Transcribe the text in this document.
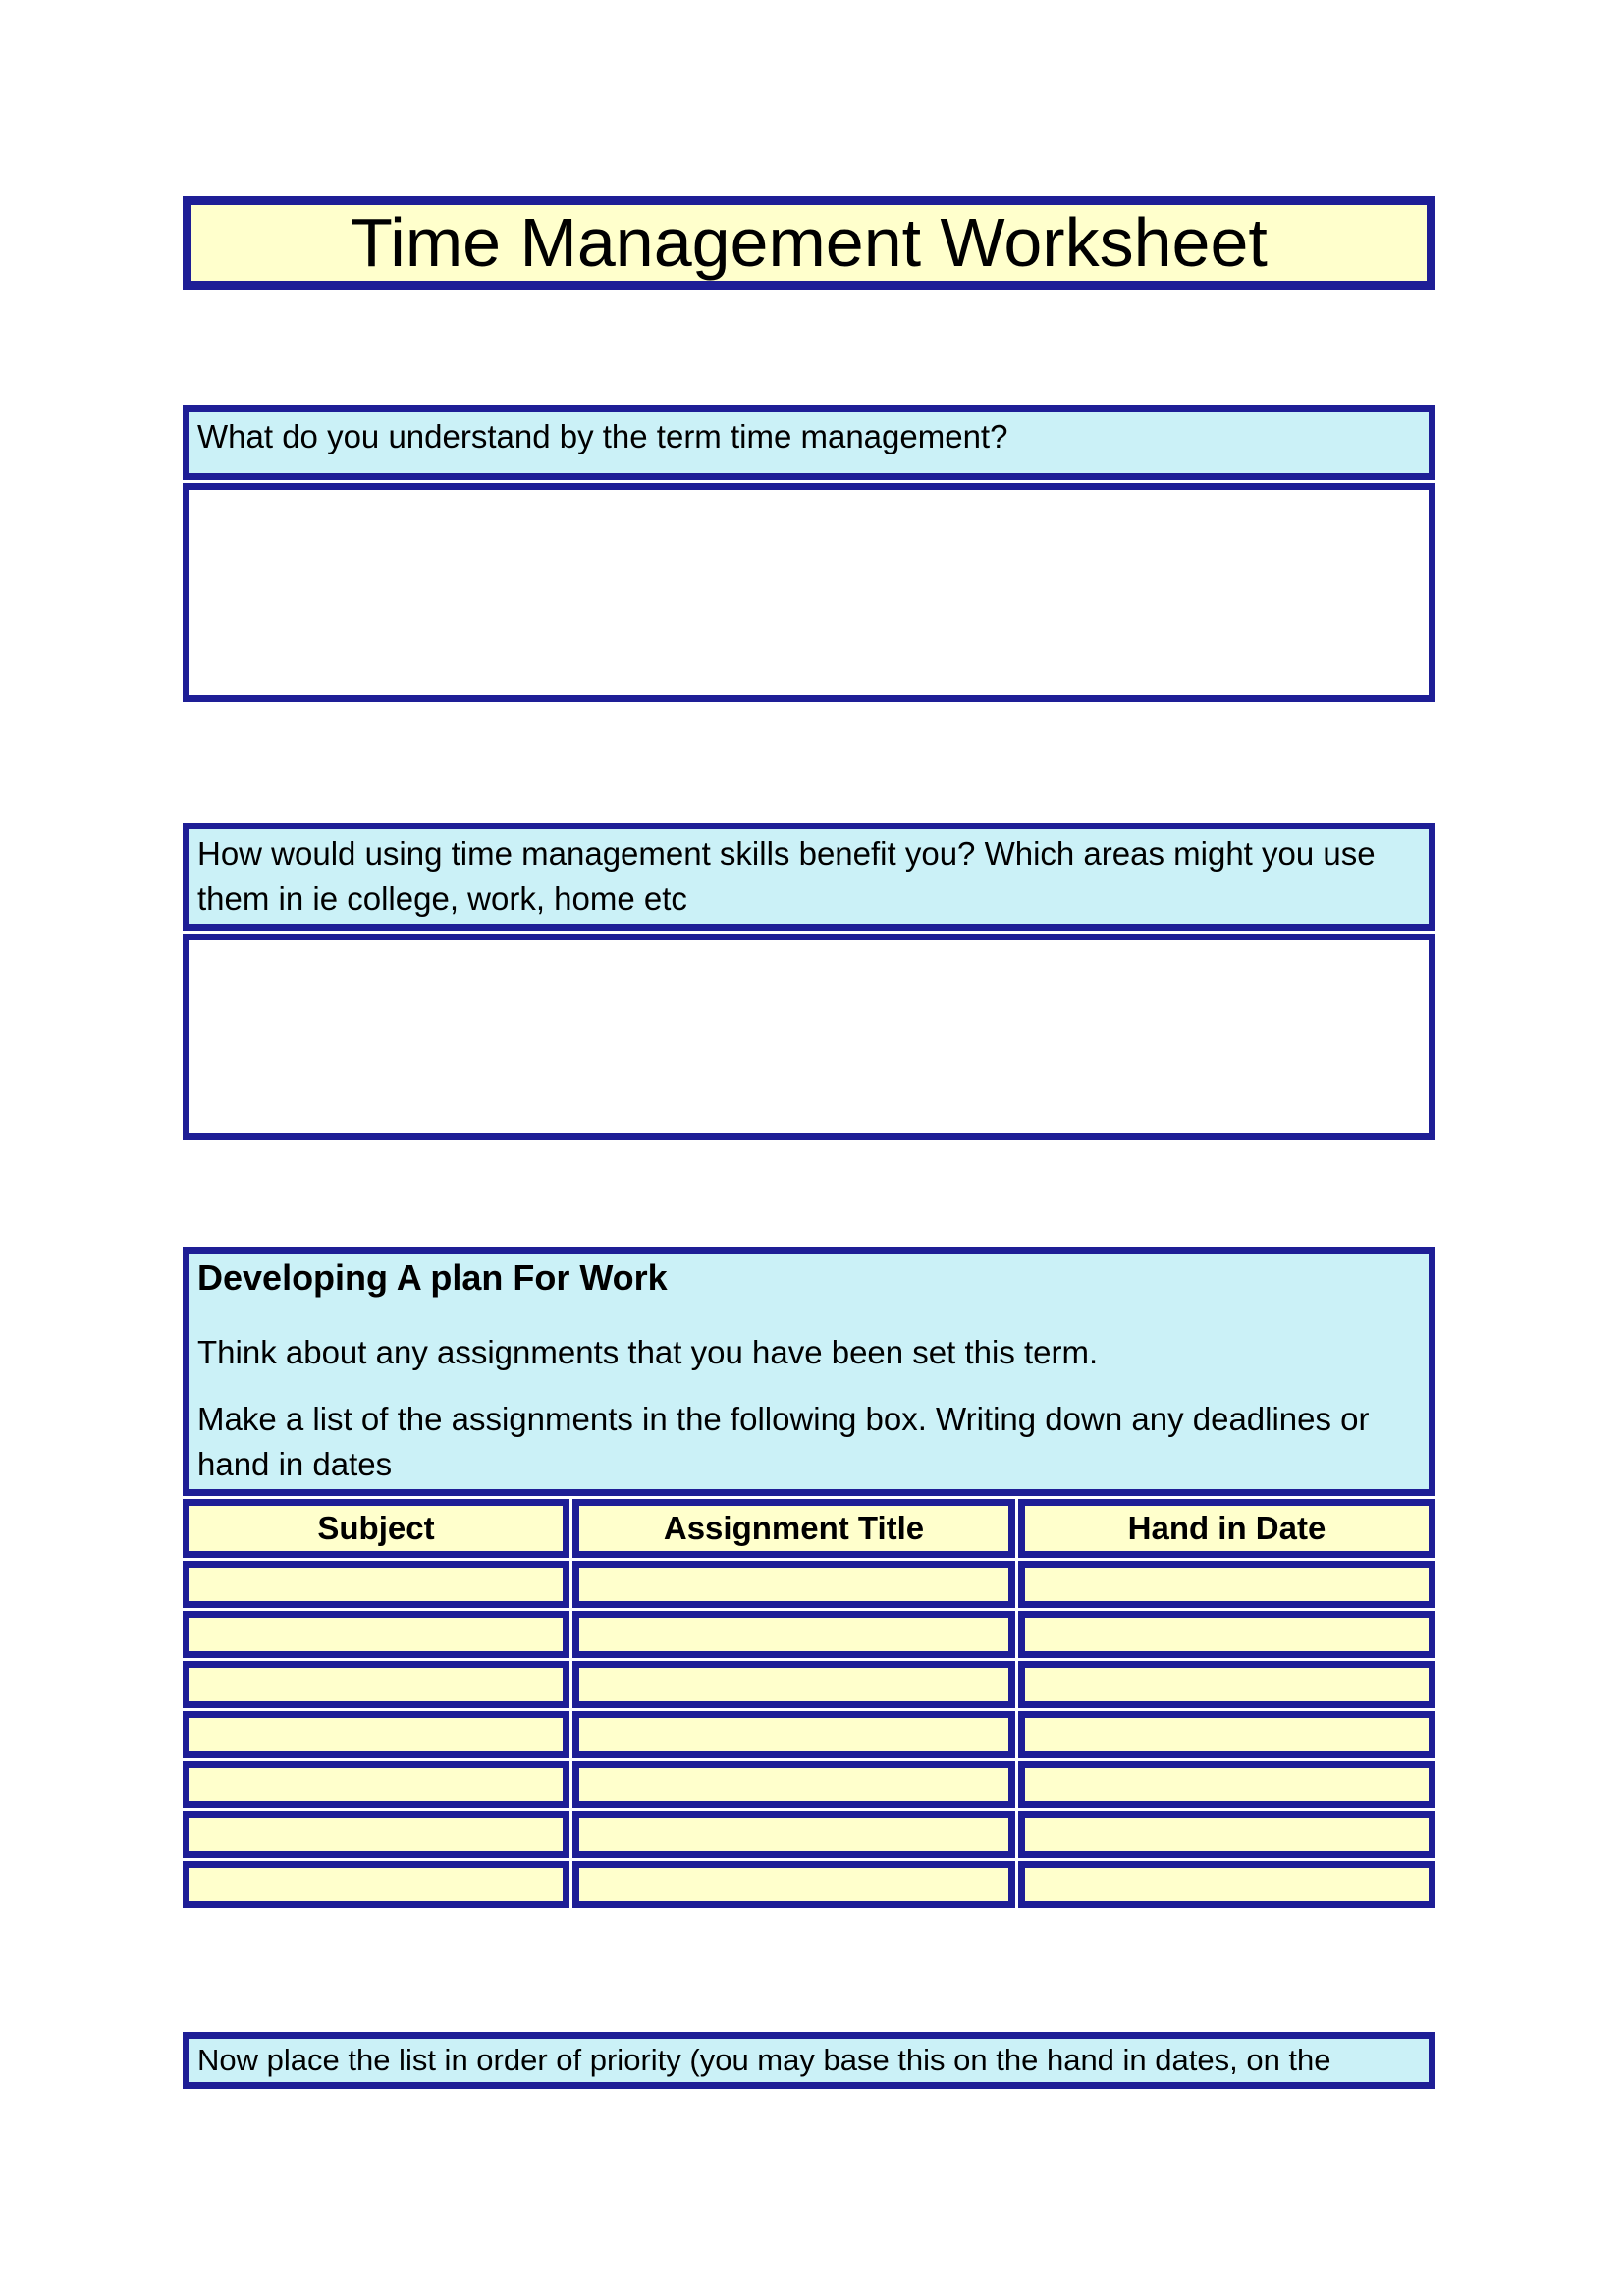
Time Management Worksheet
What do you understand by the term time management?

How would using time management skills benefit you? Which areas might you use them in ie college, work, home etc

Developing A plan For Work

Think about any assignments that you have been set this term.

Make a list of the assignments in the following box. Writing down any deadlines or hand in dates		

Subject	Assignment Title	Hand in Date

Now place the list in order of priority (you may base this on the hand in dates, on the
